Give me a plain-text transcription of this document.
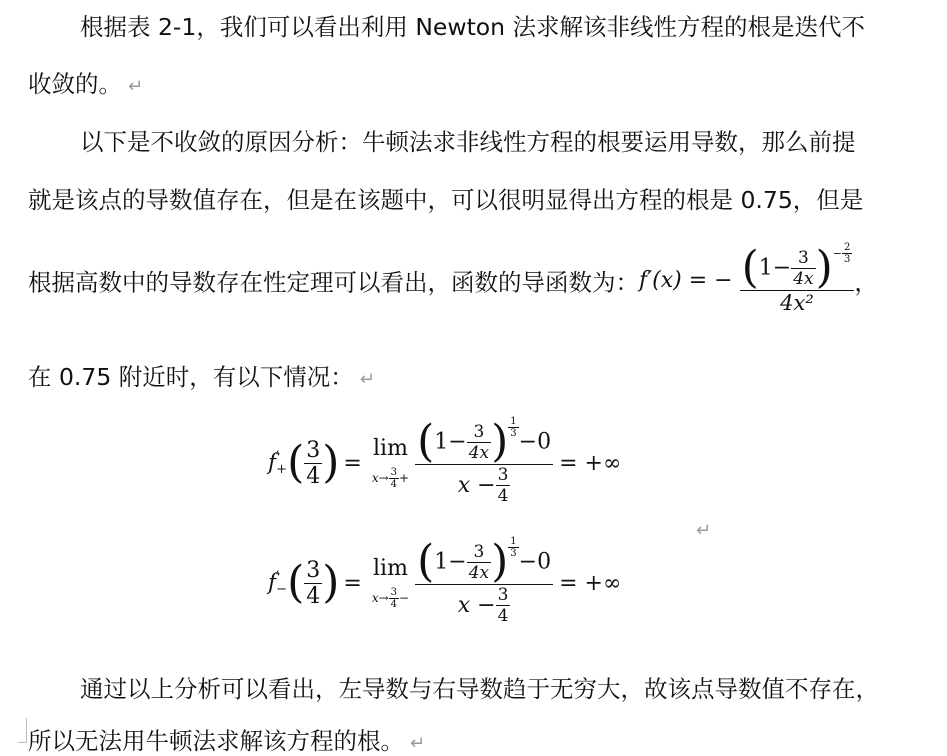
根据表 2-1，我们可以看出利用 Newton 法求解该非线性方程的根是迭代不
收敛的。 ↵
以下是不收敛的原因分析：牛顿法求非线性方程的根要运用导数，那么前提
就是该点的导数值存在，但是在该题中，可以很明显得出方程的根是 0.75，但是
根据高数中的导数存在性定理可以看出，函数的导函数为：f′(x) = − $(1- \frac{3}{4x} )^{- \frac{2}{3}}$
4x² ，
在 0.75 附近时，有以下情况： ↵
f ′
+ ( $\frac{3}{4}$ ) =
lim
$x\to \frac{3}{4} + (1- \frac{3}{4x}$ ) $^{\frac{1}{3}}$
−0
$x - \frac{3}{4}$ = +∞
↵
f ′
− ( $\frac{3}{4}$ ) =
lim
$x\to \frac{3}{4} - (1- \frac{3}{4x}$ ) $^{\frac{1}{3}}$
−0
$x - \frac{3}{4}$ = +∞
通过以上分析可以看出，左导数与右导数趋于无穷大，故该点导数值不存在，
所以无法用牛顿法求解该方程的根。 ↵
